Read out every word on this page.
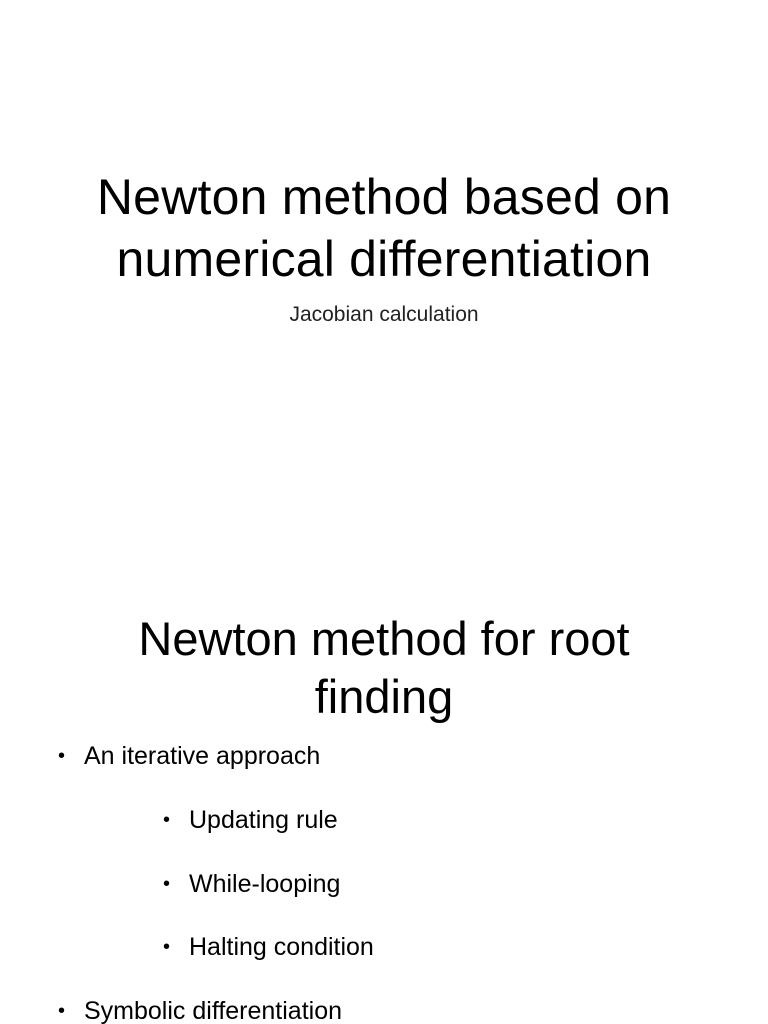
Newton method based on
numerical differentiation
Jacobian calculation
Newton method for root
finding
• An iterative approach
• Updating rule
• While-looping
• Halting condition
• Symbolic differentiation
